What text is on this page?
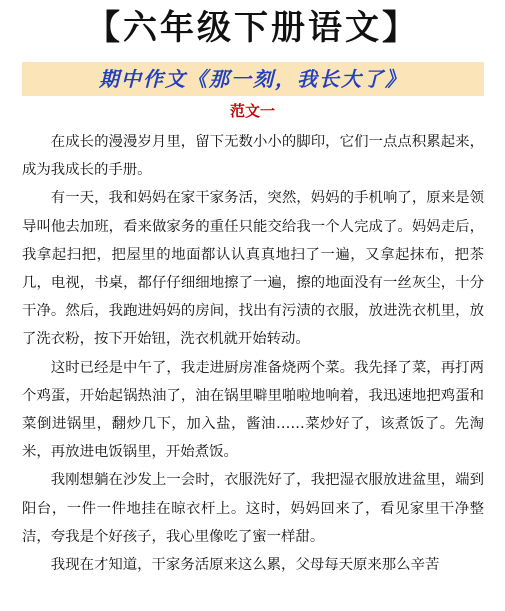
【六年级下册语文】
期中作文《那一刻，我长大了》
范文一

在成长的漫漫岁月里，留下无数小小的脚印，它们一点点积累起来，成为我成长的手册。

有一天，我和妈妈在家干家务活，突然，妈妈的手机响了，原来是领导叫他去加班，看来做家务的重任只能交给我一个人完成了。妈妈走后，我拿起扫把，把屋里的地面都认认真真地扫了一遍，又拿起抹布，把茶几，电视，书桌，都仔仔细细地擦了一遍，擦的地面没有一丝灰尘，十分干净。然后，我跑进妈妈的房间，找出有污渍的衣服，放进洗衣机里，放了洗衣粉，按下开始钮，洗衣机就开始转动。

这时已经是中午了，我走进厨房准备烧两个菜。我先择了菜，再打两个鸡蛋，开始起锅热油了，油在锅里噼里啪啦地响着，我迅速地把鸡蛋和菜倒进锅里，翻炒几下，加入盐，酱油……菜炒好了，该煮饭了。先淘米，再放进电饭锅里，开始煮饭。

我刚想躺在沙发上一会时，衣服洗好了，我把湿衣服放进盆里，端到阳台，一件一件地挂在晾衣杆上。这时，妈妈回来了，看见家里干净整洁，夸我是个好孩子，我心里像吃了蜜一样甜。

我现在才知道，干家务活原来这么累，父母每天原来那么辛苦
